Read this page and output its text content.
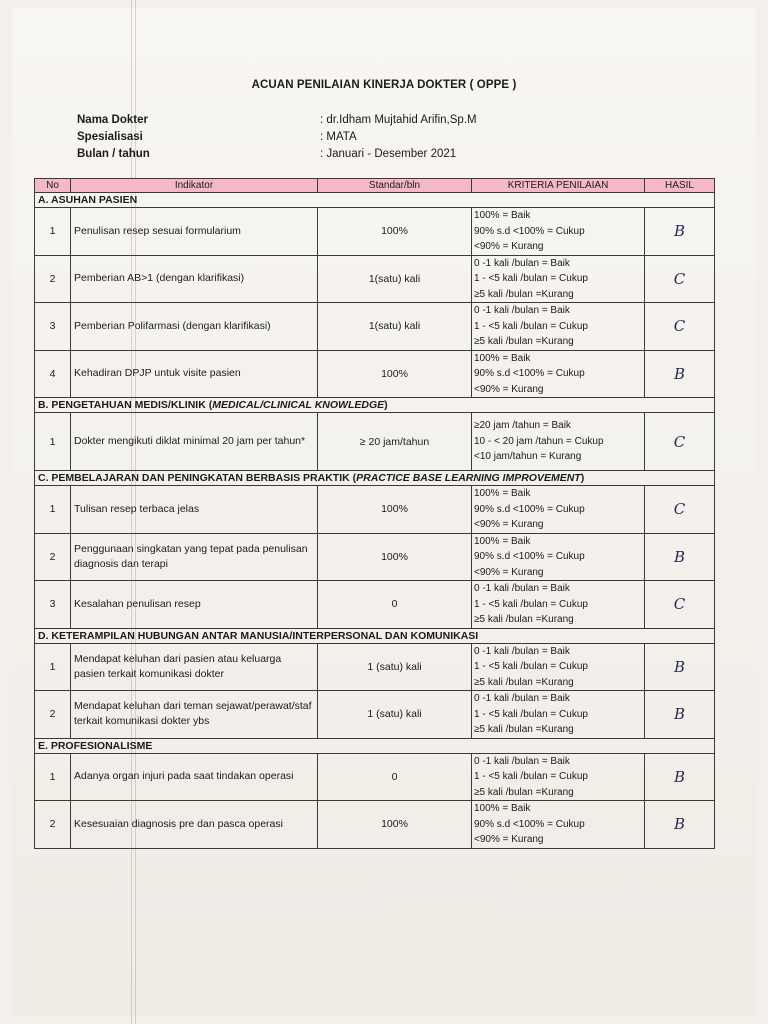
ACUAN PENILAIAN KINERJA DOKTER ( OPPE )
Nama Dokter	: dr.Idham Mujtahid Arifin,Sp.M
Spesialisasi	: MATA
Bulan / tahun	: Januari - Desember 2021
No	Indikator	Standar/bln	KRITERIA PENILAIAN	HASIL
A. ASUHAN PASIEN				
1	Penulisan resep sesuai formularium	100%	100% = Baik
90% s.d <100% = Cukup
<90% = Kurang	B
2	Pemberian AB>1 (dengan klarifikasi)	1(satu) kali	0 -1 kali /bulan = Baik
1 - <5 kali /bulan = Cukup
≥5 kali /bulan =Kurang	C
3	Pemberian Polifarmasi (dengan klarifikasi)	1(satu) kali	0 -1 kali /bulan = Baik
1 - <5 kali /bulan = Cukup
≥5 kali /bulan =Kurang	C
4	Kehadiran DPJP untuk visite pasien	100%	100% = Baik
90% s.d <100% = Cukup
<90% = Kurang	B
B. PENGETAHUAN MEDIS/KLINIK (MEDICAL/CLINICAL KNOWLEDGE)				
1	Dokter mengikuti diklat minimal 20 jam per tahun*	≥ 20 jam/tahun	≥20 jam /tahun = Baik
10 - < 20 jam /tahun = Cukup
<10 jam/tahun = Kurang	C
C. PEMBELAJARAN DAN PENINGKATAN BERBASIS PRAKTIK (PRACTICE BASE LEARNING IMPROVEMENT)				
1	Tulisan resep terbaca jelas	100%	100% = Baik
90% s.d <100% = Cukup
<90% = Kurang	C
2	Penggunaan singkatan yang tepat pada penulisan diagnosis dan terapi	100%	100% = Baik
90% s.d <100% = Cukup
<90% = Kurang	B
3	Kesalahan penulisan resep	0	0 -1 kali /bulan = Baik
1 - <5 kali /bulan = Cukup
≥5 kali /bulan =Kurang	C
D. KETERAMPILAN HUBUNGAN ANTAR MANUSIA/INTERPERSONAL DAN KOMUNIKASI				
1	Mendapat keluhan dari pasien atau keluarga pasien terkait komunikasi dokter	1 (satu) kali	0 -1 kali /bulan = Baik
1 - <5 kali /bulan = Cukup
≥5 kali /bulan =Kurang	B
2	Mendapat keluhan dari teman sejawat/perawat/staf terkait komunikasi dokter ybs	1 (satu) kali	0 -1 kali /bulan = Baik
1 - <5 kali /bulan = Cukup
≥5 kali /bulan =Kurang	B
E. PROFESIONALISME				
1	Adanya organ injuri pada saat tindakan operasi	0	0 -1 kali /bulan = Baik
1 - <5 kali /bulan = Cukup
≥5 kali /bulan =Kurang	B
2	Kesesuaian diagnosis pre dan pasca operasi	100%	100% = Baik
90% s.d <100% = Cukup
<90% = Kurang	B
